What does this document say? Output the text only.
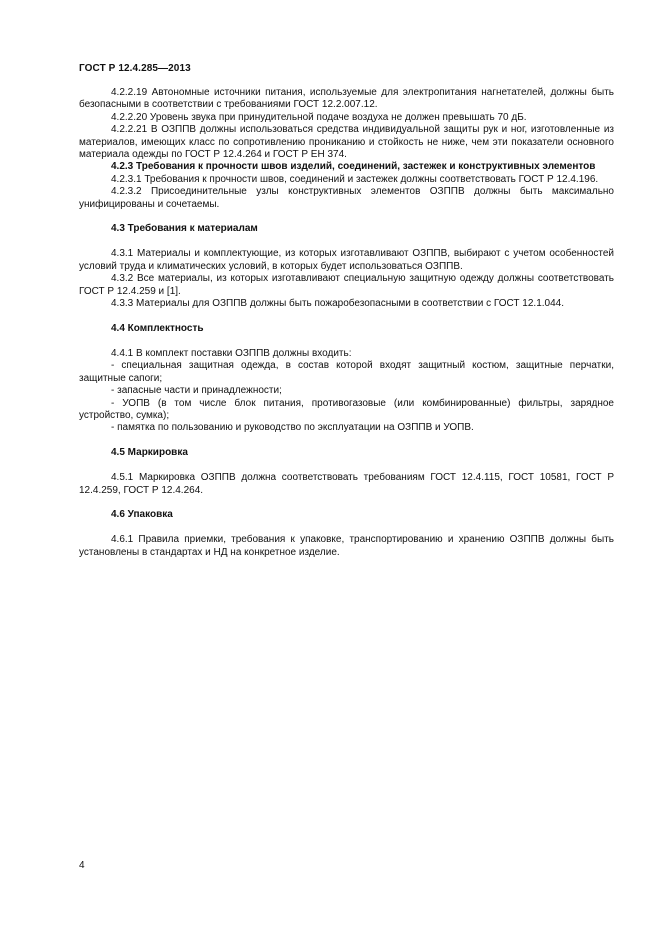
ГОСТ Р 12.4.285—2013

4.2.2.19 Автономные источники питания, используемые для электропитания нагнетателей, должны быть безопасными в соответствии с требованиями ГОСТ 12.2.007.12.

4.2.2.20 Уровень звука при принудительной подаче воздуха не должен превышать 70 дБ.

4.2.2.21 В ОЗППВ должны использоваться средства индивидуальной защиты рук и ног, изготовленные из материалов, имеющих класс по сопротивлению прониканию и стойкость не ниже, чем эти показатели основного материала одежды по ГОСТ Р 12.4.264 и ГОСТ Р ЕН 374.

4.2.3 Требования к прочности швов изделий, соединений, застежек и конструктивных элементов

4.2.3.1 Требования к прочности швов, соединений и застежек должны соответствовать ГОСТ Р 12.4.196.

4.2.3.2 Присоединительные узлы конструктивных элементов ОЗППВ должны быть максимально унифицированы и сочетаемы.

4.3 Требования к материалам

4.3.1 Материалы и комплектующие, из которых изготавливают ОЗППВ, выбирают с учетом особенностей условий труда и климатических условий, в которых будет использоваться ОЗППВ.

4.3.2 Все материалы, из которых изготавливают специальную защитную одежду должны соответствовать ГОСТ Р 12.4.259 и [1].

4.3.3 Материалы для ОЗППВ должны быть пожаробезопасными в соответствии с ГОСТ 12.1.044.

4.4 Комплектность

4.4.1 В комплект поставки ОЗППВ должны входить:

- специальная защитная одежда, в состав которой входят защитный костюм, защитные перчатки, защитные сапоги;

- запасные части и принадлежности;

- УОПВ (в том числе блок питания, противогазовые (или комбинированные) фильтры, зарядное устройство, сумка);

- памятка по пользованию и руководство по эксплуатации на ОЗППВ и УОПВ.

4.5 Маркировка

4.5.1 Маркировка ОЗППВ должна соответствовать требованиям ГОСТ 12.4.115, ГОСТ 10581, ГОСТ Р 12.4.259, ГОСТ Р 12.4.264.

4.6 Упаковка

4.6.1 Правила приемки, требования к упаковке, транспортированию и хранению ОЗППВ должны быть установлены в стандартах и НД на конкретное изделие.

4
